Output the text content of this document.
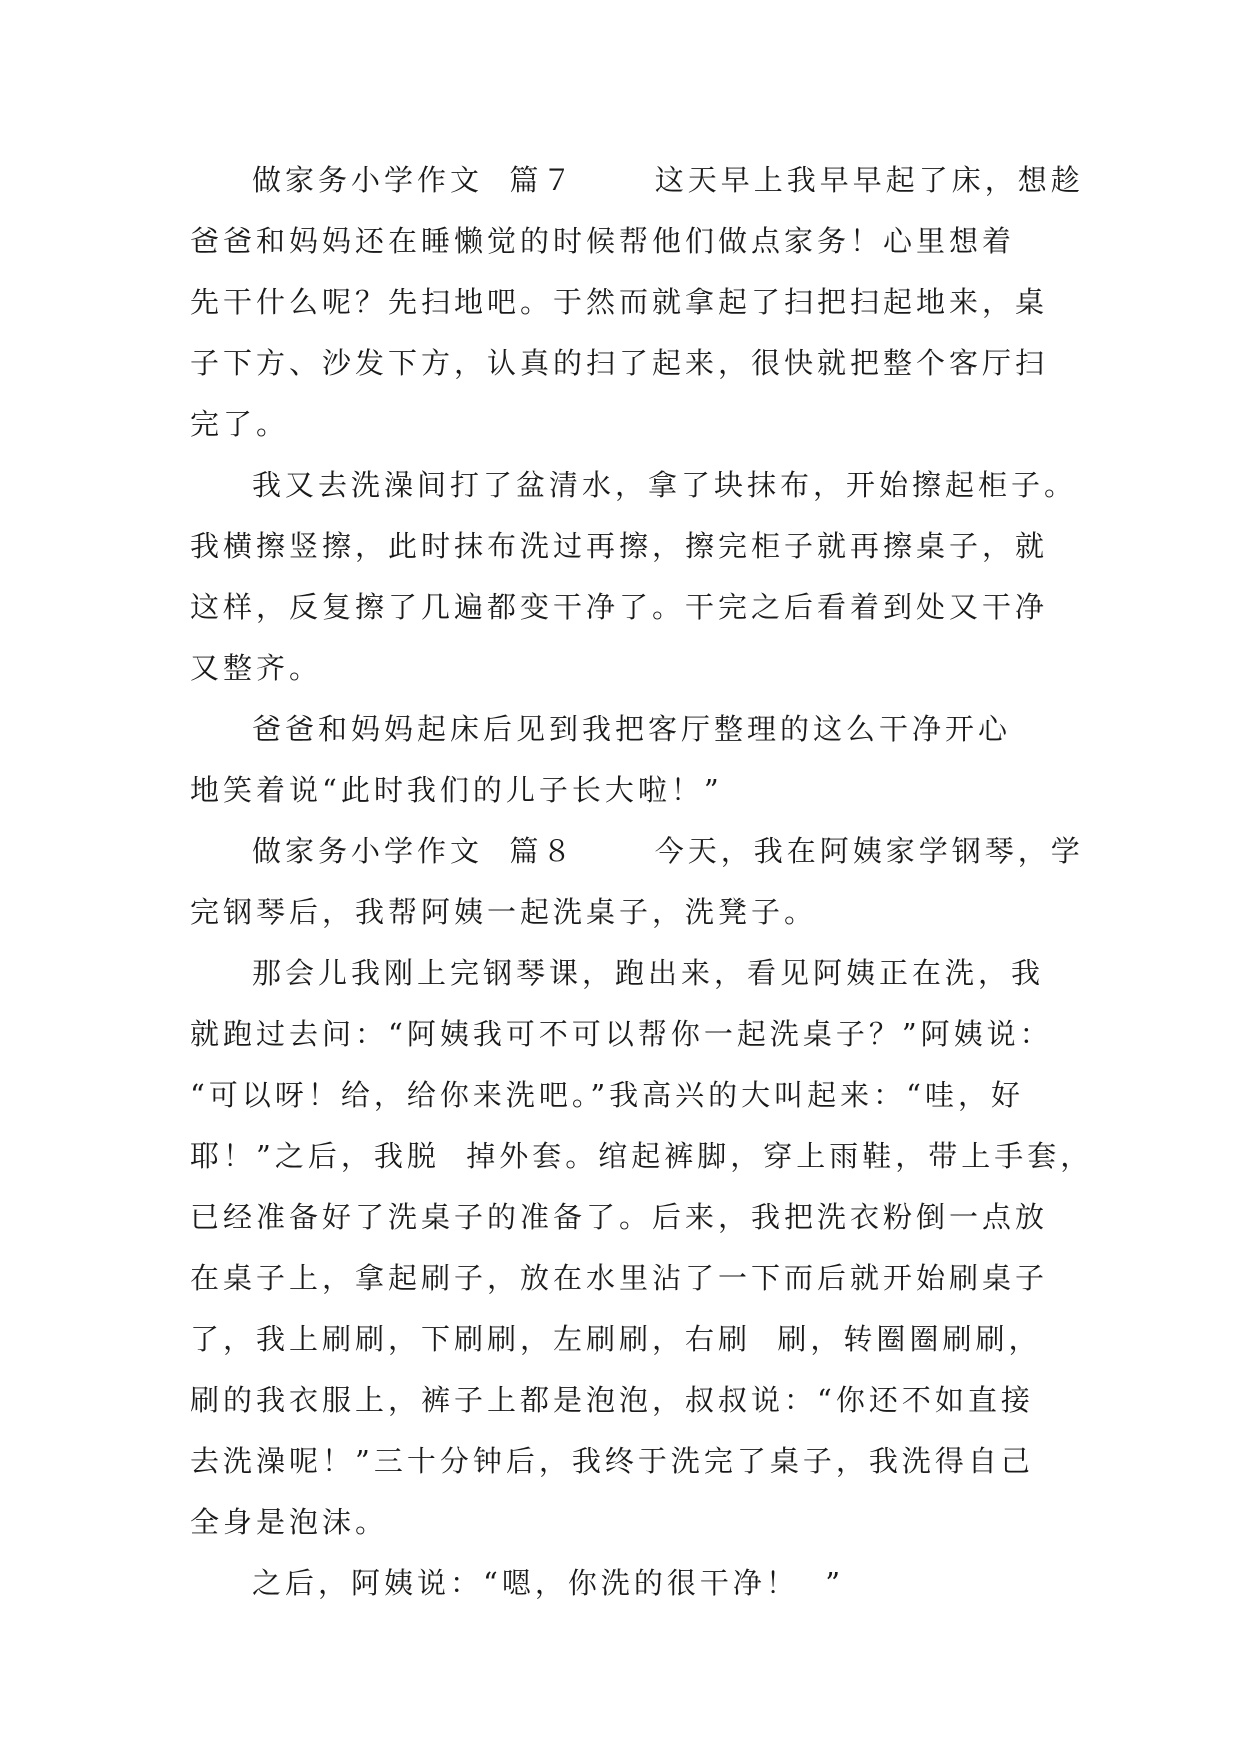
做家务小学作文  篇７      这天早上我早早起了床，想趁
爸爸和妈妈还在睡懒觉的时候帮他们做点家务！心里想着
先干什么呢？先扫地吧。于然而就拿起了扫把扫起地来，桌
子下方、沙发下方，认真的扫了起来，很快就把整个客厅扫
完了。
我又去洗澡间打了盆清水，拿了块抹布，开始擦起柜子。
我横擦竖擦，此时抹布洗过再擦，擦完柜子就再擦桌子，就
这样，反复擦了几遍都变干净了。干完之后看着到处又干净
又整齐。
爸爸和妈妈起床后见到我把客厅整理的这么干净开心
地笑着说“此时我们的儿子长大啦！”
做家务小学作文  篇８      今天，我在阿姨家学钢琴，学
完钢琴后，我帮阿姨一起洗桌子，洗凳子。
那会儿我刚上完钢琴课，跑出来，看见阿姨正在洗，我
就跑过去问：“阿姨我可不可以帮你一起洗桌子？”阿姨说：
“可以呀！给，给你来洗吧。”我高兴的大叫起来：“哇，好
耶！”之后，我脱  掉外套。绾起裤脚，穿上雨鞋，带上手套，
已经准备好了洗桌子的准备了。后来，我把洗衣粉倒一点放
在桌子上，拿起刷子，放在水里沾了一下而后就开始刷桌子
了，我上刷刷，下刷刷，左刷刷，右刷  刷，转圈圈刷刷，
刷的我衣服上，裤子上都是泡泡，叔叔说：“你还不如直接
去洗澡呢！”三十分钟后，我终于洗完了桌子，我洗得自己
全身是泡沫。
之后，阿姨说：“嗯，你洗的很干净！  ”
